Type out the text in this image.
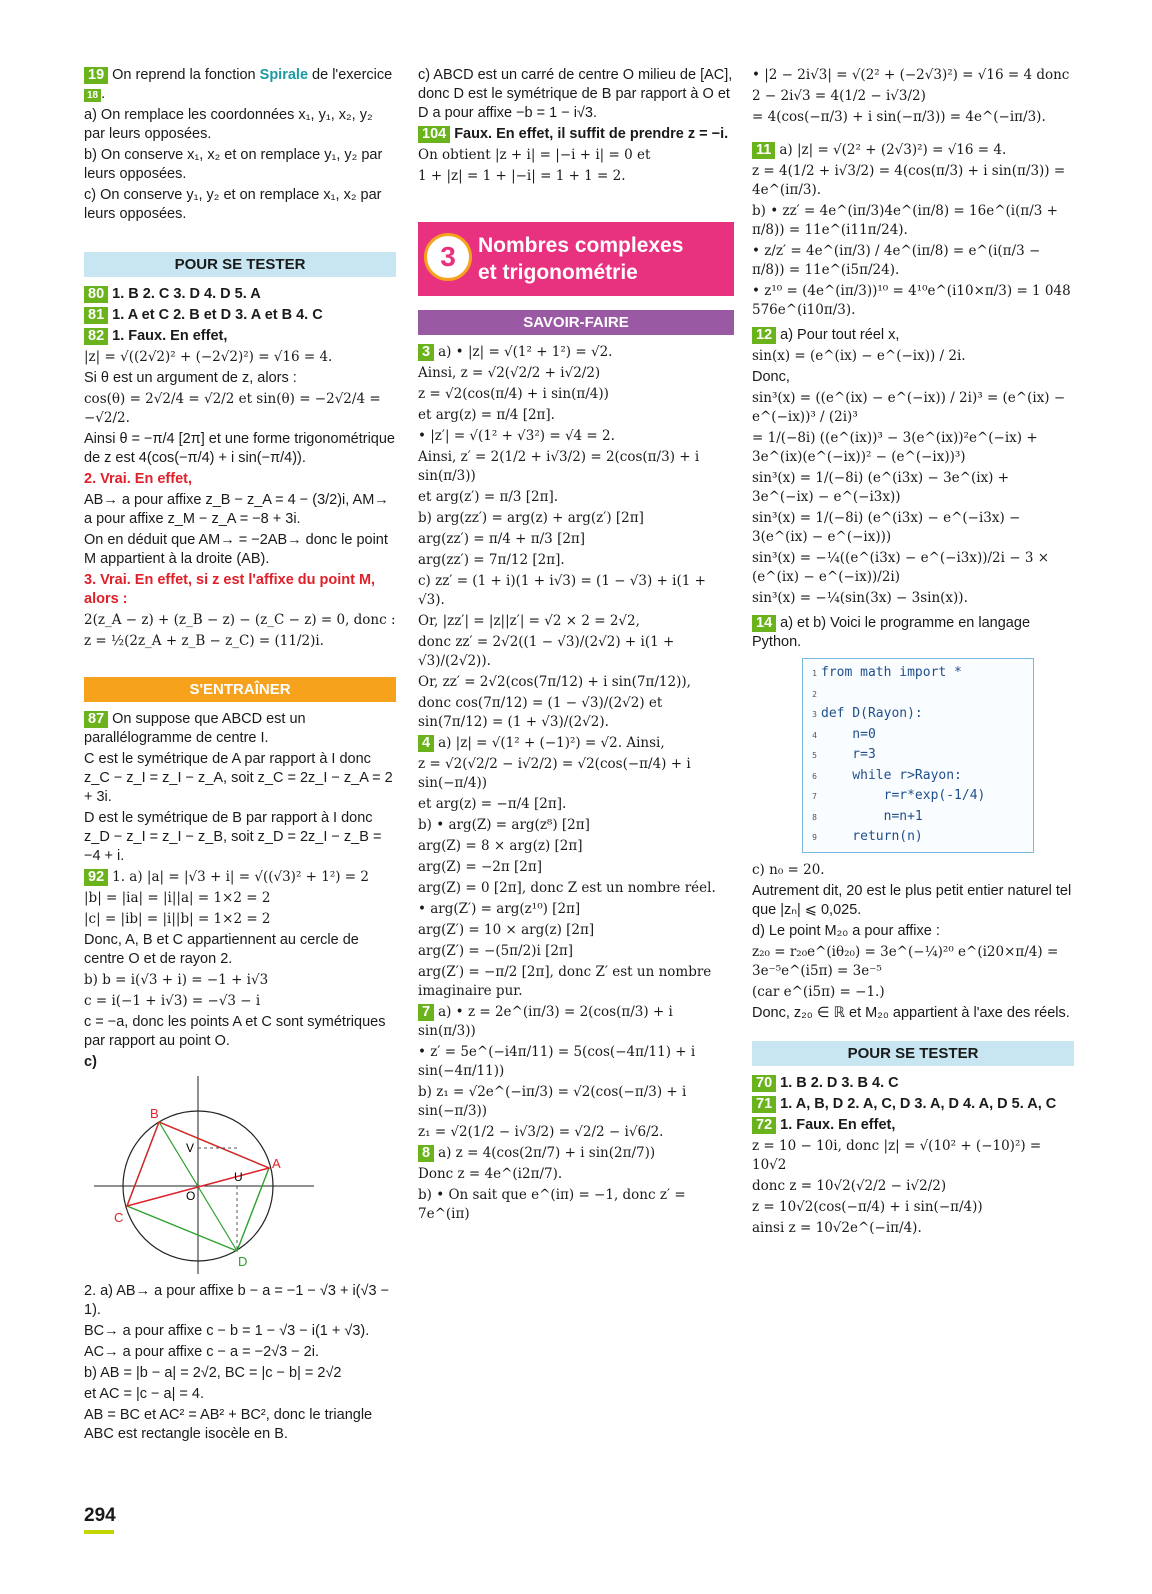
19 On reprend la fonction Spirale de l'exercice 18 .

a) On remplace les coordonnées x₁, y₁, x₂, y₂ par leurs opposées.

b) On conserve x₁, x₂ et on remplace y₁, y₂ par leurs opposées.

c) On conserve y₁, y₂ et on remplace x₁, x₂ par leurs opposées.

POUR SE TESTER

80 1. B 2. C 3. D 4. D 5. A

81 1. A et C 2. B et D 3. A et B 4. C

82 1. Faux. En effet,

|z| = √((2√2)² + (−2√2)²) = √16 = 4.

Si θ est un argument de z, alors :

cos(θ) = 2√2/4 = √2/2 et sin(θ) = −2√2/4 = −√2/2.

Ainsi θ = −π/4 [2π] et une forme trigonométrique de z est 4(cos(−π/4) + i sin(−π/4)).

2. Vrai. En effet,

AB→ a pour affixe z_B − z_A = 4 − (3/2)i, AM→ a pour affixe z_M − z_A = −8 + 3i.

On en déduit que AM→ = −2AB→ donc le point M appartient à la droite (AB).

3. Vrai. En effet, si z est l'affixe du point M, alors :

2(z_A − z) + (z_B − z) − (z_C − z) = 0, donc :

z = ½(2z_A + z_B − z_C) = (11/2)i.

S'ENTRAÎNER

87 On suppose que ABCD est un parallélogramme de centre I.

C est le symétrique de A par rapport à I donc z_C − z_I = z_I − z_A, soit z_C = 2z_I − z_A = 2 + 3i.

D est le symétrique de B par rapport à I donc z_D − z_I = z_I − z_B, soit z_D = 2z_I − z_B = −4 + i.

92 1. a) |a| = |√3 + i| = √((√3)² + 1²) = 2

|b| = |ia| = |i||a| = 1×2 = 2

|c| = |ib| = |i||b| = 1×2 = 2

Donc, A, B et C appartiennent au cercle de centre O et de rayon 2.

b) b = i(√3 + i) = −1 + i√3

c = i(−1 + i√3) = −√3 − i

c = −a, donc les points A et C sont symétriques par rapport au point O.

c)

B
A
C
D
O
U
V

2. a) AB→ a pour affixe b − a = −1 − √3 + i(√3 − 1).

BC→ a pour affixe c − b = 1 − √3 − i(1 + √3).

AC→ a pour affixe c − a = −2√3 − 2i.

b) AB = |b − a| = 2√2, BC = |c − b| = 2√2

et AC = |c − a| = 4.

AB = BC et AC² = AB² + BC², donc le triangle ABC est rectangle isocèle en B.

c) ABCD est un carré de centre O milieu de [AC], donc D est le symétrique de B par rapport à O et D a pour affixe −b = 1 − i√3.

104 Faux. En effet, il suffit de prendre z = −i.

On obtient |z + i| = |−i + i| = 0 et

1 + |z| = 1 + |−i| = 1 + 1 = 2.

3	Nombres complexes
et trigonométrie
SAVOIR-FAIRE

3 a) • |z| = √(1² + 1²) = √2.

Ainsi, z = √2(√2/2 + i√2/2)

z = √2(cos(π/4) + i sin(π/4))

et arg(z) = π/4 [2π].

• |z′| = √(1² + √3²) = √4 = 2.

Ainsi, z′ = 2(1/2 + i√3/2) = 2(cos(π/3) + i sin(π/3))

et arg(z′) = π/3 [2π].

b) arg(zz′) = arg(z) + arg(z′) [2π]

arg(zz′) = π/4 + π/3 [2π]

arg(zz′) = 7π/12 [2π].

c) zz′ = (1 + i)(1 + i√3) = (1 − √3) + i(1 + √3).

Or, |zz′| = |z||z′| = √2 × 2 = 2√2,

donc zz′ = 2√2((1 − √3)/(2√2) + i(1 + √3)/(2√2)).

Or, zz′ = 2√2(cos(7π/12) + i sin(7π/12)),

donc cos(7π/12) = (1 − √3)/(2√2) et sin(7π/12) = (1 + √3)/(2√2).

4 a) |z| = √(1² + (−1)²) = √2. Ainsi,

z = √2(√2/2 − i√2/2) = √2(cos(−π/4) + i sin(−π/4))

et arg(z) = −π/4 [2π].

b) • arg(Z) = arg(z⁸) [2π]

arg(Z) = 8 × arg(z) [2π]

arg(Z) = −2π [2π]

arg(Z) = 0 [2π], donc Z est un nombre réel.

• arg(Z′) = arg(z¹⁰) [2π]

arg(Z′) = 10 × arg(z) [2π]

arg(Z′) = −(5π/2)i [2π]

arg(Z′) = −π/2 [2π], donc Z′ est un nombre imaginaire pur.

7 a) • z = 2e^(iπ/3) = 2(cos(π/3) + i sin(π/3))

• z′ = 5e^(−i4π/11) = 5(cos(−4π/11) + i sin(−4π/11))

b) z₁ = √2e^(−iπ/3) = √2(cos(−π/3) + i sin(−π/3))

z₁ = √2(1/2 − i√3/2) = √2/2 − i√6/2.

8 a) z = 4(cos(2π/7) + i sin(2π/7))

Donc z = 4e^(i2π/7).

b) • On sait que e^(iπ) = −1, donc z′ = 7e^(iπ)

• |2 − 2i√3| = √(2² + (−2√3)²) = √16 = 4 donc

2 − 2i√3 = 4(1/2 − i√3/2)

= 4(cos(−π/3) + i sin(−π/3)) = 4e^(−iπ/3).

11 a) |z| = √(2² + (2√3)²) = √16 = 4.

z = 4(1/2 + i√3/2) = 4(cos(π/3) + i sin(π/3)) = 4e^(iπ/3).

b) • zz′ = 4e^(iπ/3)4e^(iπ/8) = 16e^(i(π/3 + π/8)) = 11e^(i11π/24).

• z/z′ = 4e^(iπ/3) / 4e^(iπ/8) = e^(i(π/3 − π/8)) = 11e^(i5π/24).

• z¹⁰ = (4e^(iπ/3))¹⁰ = 4¹⁰e^(i10×π/3) = 1 048 576e^(i10π/3).

12 a) Pour tout réel x,

sin(x) = (e^(ix) − e^(−ix)) / 2i.

Donc,

sin³(x) = ((e^(ix) − e^(−ix)) / 2i)³ = (e^(ix) − e^(−ix))³ / (2i)³

= 1/(−8i) ((e^(ix))³ − 3(e^(ix))²e^(−ix) + 3e^(ix)(e^(−ix))² − (e^(−ix))³)

sin³(x) = 1/(−8i) (e^(i3x) − 3e^(ix) + 3e^(−ix) − e^(−i3x))

sin³(x) = 1/(−8i) (e^(i3x) − e^(−i3x) − 3(e^(ix) − e^(−ix)))

sin³(x) = −¼((e^(i3x) − e^(−i3x))/2i − 3 × (e^(ix) − e^(−ix))/2i)

sin³(x) = −¼(sin(3x) − 3sin(x)).

14 a) et b) Voici le programme en langage Python.

1 from math import *
2
3 def D(Rayon):
4    n=0
5    r=3
6    while r>Rayon:
7        r=r*exp(-1/4)
8        n=n+1
9    return(n)

c) n₀ = 20.

Autrement dit, 20 est le plus petit entier naturel tel que |zₙ| ⩽ 0,025.

d) Le point M₂₀ a pour affixe :

z₂₀ = r₂₀e^(iθ₂₀) = 3e^(−¼)²⁰ e^(i20×π/4) = 3e⁻⁵e^(i5π) = 3e⁻⁵

(car e^(i5π) = −1.)

Donc, z₂₀ ∈ ℝ et M₂₀ appartient à l'axe des réels.

POUR SE TESTER

70 1. B 2. D 3. B 4. C

71 1. A, B, D 2. A, C, D 3. A, D 4. A, D 5. A, C

72 1. Faux. En effet,

z = 10 − 10i, donc |z| = √(10² + (−10)²) = 10√2

donc z = 10√2(√2/2 − i√2/2)

z = 10√2(cos(−π/4) + i sin(−π/4))

ainsi z = 10√2e^(−iπ/4).

294
